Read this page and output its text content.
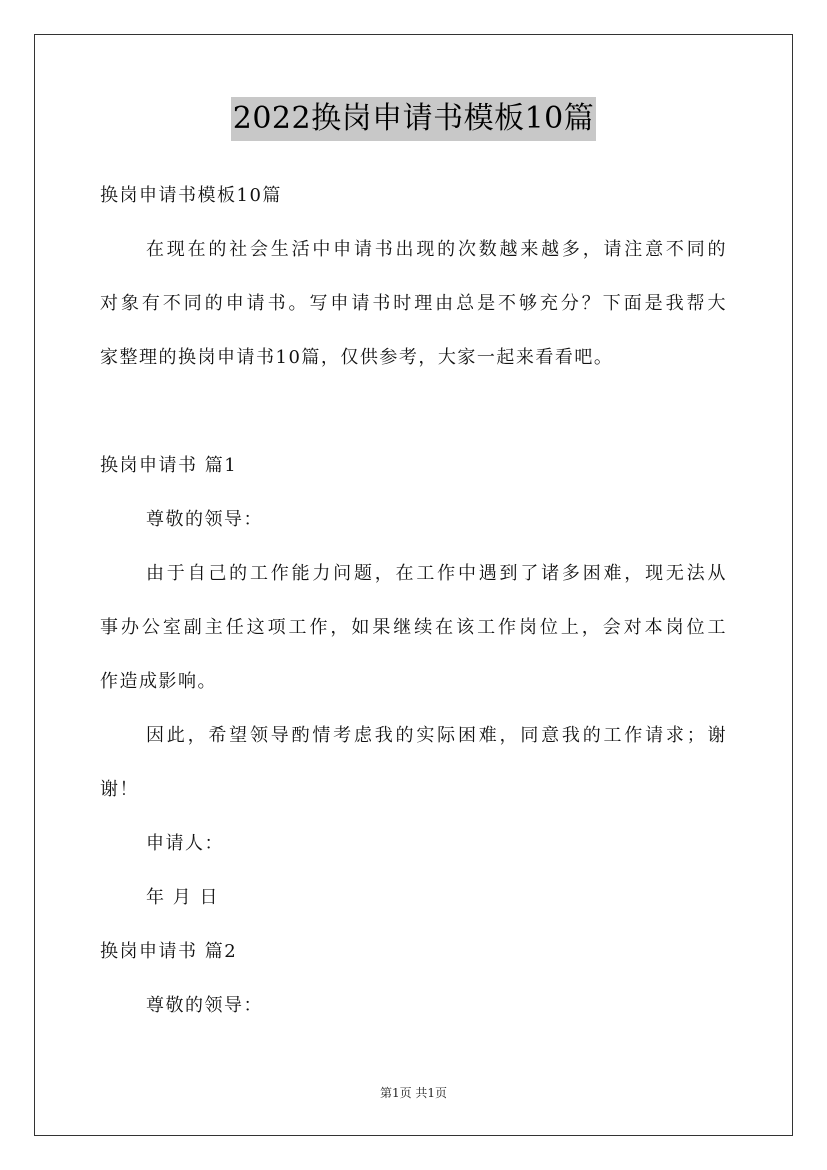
2022换岗申请书模板10篇
换岗申请书模板10篇
在现在的社会生活中申请书出现的次数越来越多，请注意不同的
对象有不同的申请书。写申请书时理由总是不够充分？下面是我帮大
家整理的换岗申请书10篇，仅供参考，大家一起来看看吧。
换岗申请书 篇1
尊敬的领导：
由于自己的工作能力问题，在工作中遇到了诸多困难，现无法从
事办公室副主任这项工作，如果继续在该工作岗位上，会对本岗位工
作造成影响。
因此，希望领导酌情考虑我的实际困难，同意我的工作请求；谢
谢！
申请人：
年 月 日
换岗申请书 篇2
尊敬的领导：
第1页 共1页
